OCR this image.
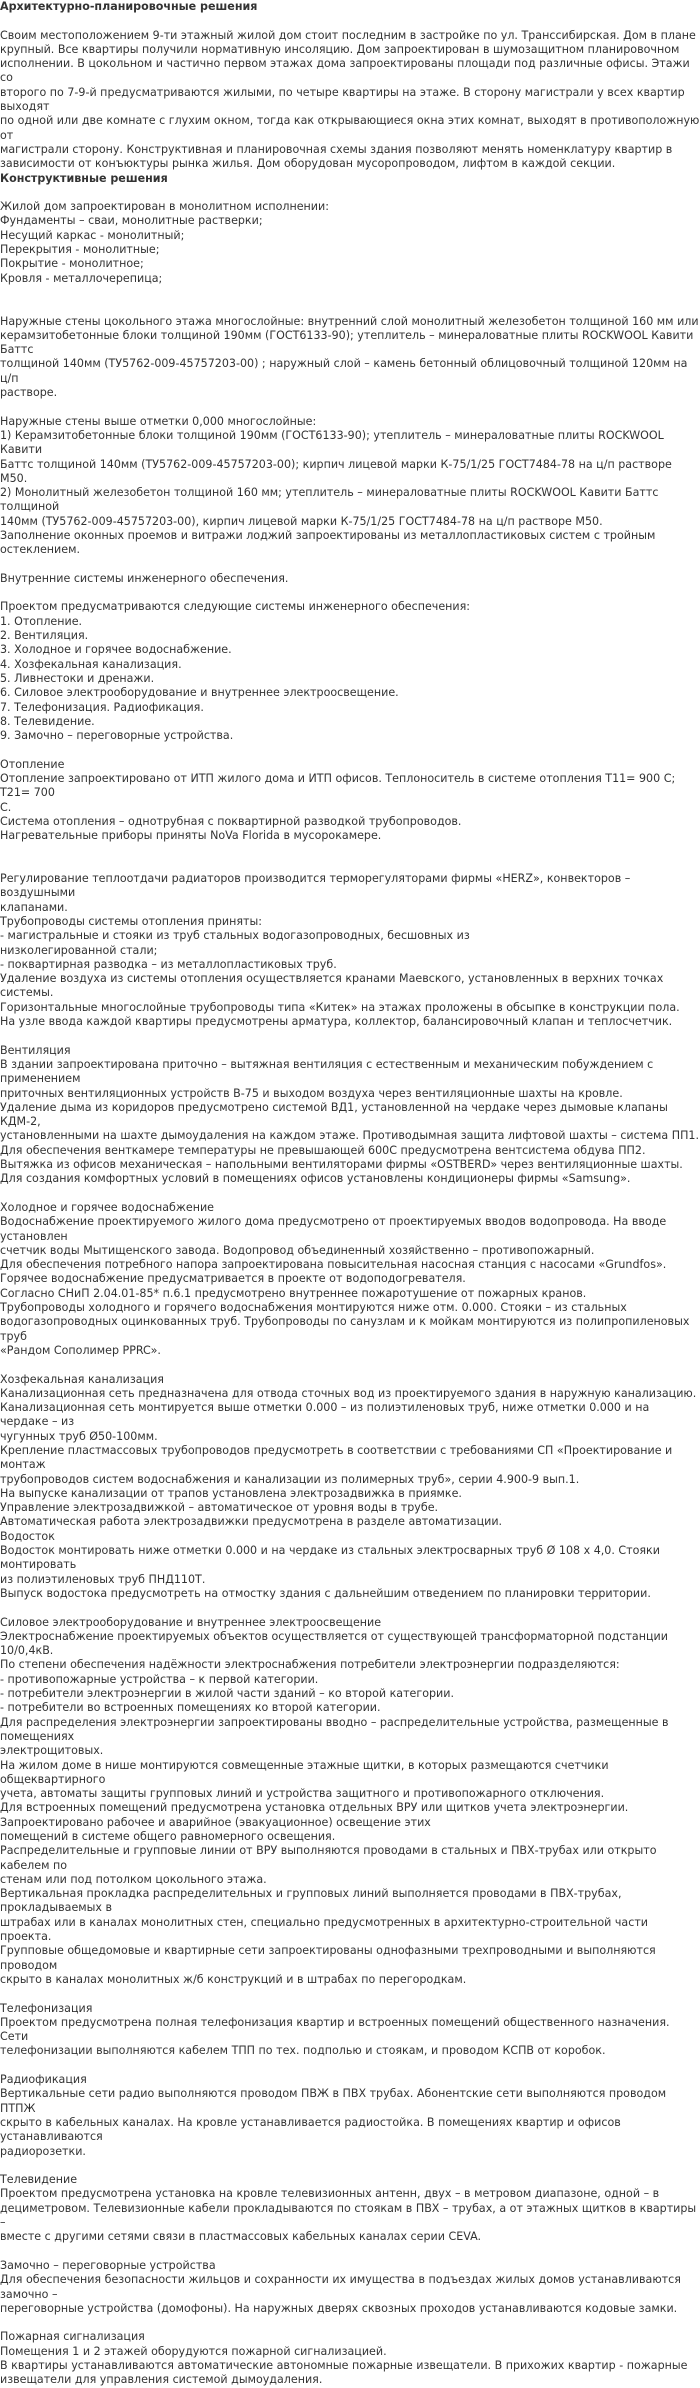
Архитектурно-планировочные решения
Своим местоположением 9-ти этажный жилой дом стоит последним в застройке по ул. Транссибирская. Дом в плане
крупный. Все квартиры получили нормативную инсоляцию. Дом запроектирован в шумозащитном планировочном
исполнении. В цокольном и частично первом этажах дома запроектированы площади под различные офисы. Этажи со
второго по 7-9-й предусматриваются жилыми, по четыре квартиры на этаже. В сторону магистрали у всех квартир выходят
по одной или две комнате с глухим окном, тогда как открывающиеся окна этих комнат, выходят в противоположную от
магистрали сторону. Конструктивная и планировочная схемы здания позволяют менять номенклатуру квартир в
зависимости от конъюктуры рынка жилья. Дом оборудован мусоропроводом, лифтом в каждой секции.
Конструктивные решения
Жилой дом запроектирован в монолитном исполнении:
Фундаменты – сваи, монолитные растверки;
Несущий каркас - монолитный;
Перекрытия - монолитные;
Покрытие - монолитное;
Кровля - металлочерепица;
Наружные стены цокольного этажа многослойные: внутренний слой монолитный железобетон толщиной 160 мм или
керамзитобетонные блоки толщиной 190мм (ГОСТ6133-90); утеплитель – минераловатные плиты ROCKWOOL Кавити Баттс
толщиной 140мм (ТУ5762-009-45757203-00) ; наружный слой – камень бетонный облицовочный толщиной 120мм на ц/п
растворе.
Наружные стены выше отметки 0,000 многослойные:
1) Керамзитобетонные блоки толщиной 190мм (ГОСТ6133-90); утеплитель – минераловатные плиты ROCKWOOL Кавити
Баттс толщиной 140мм (ТУ5762-009-45757203-00); кирпич лицевой марки К-75/1/25 ГОСТ7484-78 на ц/п растворе М50.
2) Монолитный железобетон толщиной 160 мм; утеплитель – минераловатные плиты ROCKWOOL Кавити Баттс толщиной
140мм (ТУ5762-009-45757203-00), кирпич лицевой марки К-75/1/25 ГОСТ7484-78 на ц/п растворе М50.
Заполнение оконных проемов и витражи лоджий запроектированы из металлопластиковых систем с тройным остеклением.
Внутренние системы инженерного обеспечения.
Проектом предусматриваются следующие системы инженерного обеспечения:
1. Отопление.
2. Вентиляция.
3. Холодное и горячее водоснабжение.
4. Хозфекальная канализация.
5. Ливнестоки и дренажи.
6. Силовое электрооборудование и внутреннее электроосвещение.
7. Телефонизация. Радиофикация.
8. Телевидение.
9. Замочно – переговорные устройства.
Отопление
Отопление запроектировано от ИТП жилого дома и ИТП офисов. Теплоноситель в системе отопления Т11= 900 С; Т21= 700
С.
Система отопления – однотрубная с поквартирной разводкой трубопроводов.
Нагревательные приборы приняты NoVa Florida в мусорокамере.
Регулирование теплоотдачи радиаторов производится терморегуляторами фирмы «HERZ», конвекторов – воздушными
клапанами.
Трубопроводы системы отопления приняты:
- магистральные и стояки из труб стальных водогазопроводных, бесшовных из
низколегированной стали;
- поквартирная разводка – из металлопластиковых труб.
Удаление воздуха из системы отопления осуществляется кранами Маевского, установленных в верхних точках системы.
Горизонтальные многослойные трубопроводы типа «Китек» на этажах проложены в обсыпке в конструкции пола.
На узле ввода каждой квартиры предусмотрены арматура, коллектор, балансировочный клапан и теплосчетчик.
Вентиляция
В здании запроектирована приточно – вытяжная вентиляция с естественным и механическим побуждением с применением
приточных вентиляционных устройств В-75 и выходом воздуха через вентиляционные шахты на кровле.
Удаление дыма из коридоров предусмотрено системой ВД1, установленной на чердаке через дымовые клапаны КДМ-2,
установленными на шахте дымоудаления на каждом этаже. Противодымная защита лифтовой шахты – система ПП1.
Для обеспечения венткамере температуры не превышающей 600С предусмотрена вентсистема обдува ПП2.
Вытяжка из офисов механическая – напольными вентиляторами фирмы «OSTBERD» через вентиляционные шахты.
Для создания комфортных условий в помещениях офисов установлены кондиционеры фирмы «Samsung».
Холодное и горячее водоснабжение
Водоснабжение проектируемого жилого дома предусмотрено от проектируемых вводов водопровода. На вводе установлен
счетчик воды Мытищенского завода. Водопровод объединенный хозяйственно – противопожарный.
Для обеспечения потребного напора запроектирована повысительная насосная станция с насосами «Grundfos».
Горячее водоснабжение предусматривается в проекте от водоподогревателя.
Согласно СНиП 2.04.01-85* п.6.1 предусмотрено внутреннее пожаротушение от пожарных кранов.
Трубопроводы холодного и горячего водоснабжения монтируются ниже отм. 0.000. Стояки – из стальных
водогазопроводных оцинкованных труб. Трубопроводы по санузлам и к мойкам монтируются из полипропиленовых труб
«Рандом Сополимер PPRC».
Хозфекальная канализация
Канализационная сеть предназначена для отвода сточных вод из проектируемого здания в наружную канализацию.
Канализационная сеть монтируется выше отметки 0.000 – из полиэтиленовых труб, ниже отметки 0.000 и на чердаке – из
чугунных труб Ø50-100мм.
Крепление пластмассовых трубопроводов предусмотреть в соответствии с требованиями СП «Проектирование и монтаж
трубопроводов систем водоснабжения и канализации из полимерных труб», серии 4.900-9 вып.1.
На выпуске канализации от трапов установлена электрозадвижка в приямке.
Управление электрозадвижкой – автоматическое от уровня воды в трубе.
Автоматическая работа электрозадвижки предусмотрена в разделе автоматизации.
Водосток
Водосток монтировать ниже отметки 0.000 и на чердаке из стальных электросварных труб Ø 108 х 4,0. Стояки монтировать
из полиэтиленовых труб ПНД110Т.
Выпуск водостока предусмотреть на отмостку здания с дальнейшим отведением по планировки территории.
Силовое электрооборудование и внутреннее электроосвещение
Электроснабжение проектируемых объектов осуществляется от существующей трансформаторной подстанции 10/0,4кВ.
По степени обеспечения надёжности электроснабжения потребители электроэнергии подразделяются:
- противопожарные устройства – к первой категории.
- потребители электроэнергии в жилой части зданий – ко второй категории.
- потребители во встроенных помещениях ко второй категории.
Для распределения электроэнергии запроектированы вводно – распределительные устройства, размещенные в помещениях
электрощитовых.
На жилом доме в нише монтируются совмещенные этажные щитки, в которых размещаются счетчики общеквартирного
учета, автоматы защиты групповых линий и устройства защитного и противопожарного отключения.
Для встроенных помещений предусмотрена установка отдельных ВРУ или щитков учета электроэнергии.
Запроектировано рабочее и аварийное (эвакуационное) освещение этих
помещений в системе общего равномерного освещения.
Распределительные и групповые линии от ВРУ выполняются проводами в стальных и ПВХ-трубах или открыто кабелем по
стенам или под потолком цокольного этажа.
Вертикальная прокладка распределительных и групповых линий выполняется проводами в ПВХ-трубах, прокладываемых в
штрабах или в каналах монолитных стен, специально предусмотренных в архитектурно-строительной части проекта.
Групповые общедомовые и квартирные сети запроектированы однофазными трехпроводными и выполняются проводом
скрыто в каналах монолитных ж/б конструкций и в штрабах по перегородкам.
Телефонизация
Проектом предусмотрена полная телефонизация квартир и встроенных помещений общественного назначения. Сети
телефонизации выполняются кабелем ТПП по тех. подполью и стоякам, и проводом КСПВ от коробок.
Радиофикация
Вертикальные сети радио выполняются проводом ПВЖ в ПВХ трубах. Абонентские сети выполняются проводом ПТПЖ
скрыто в кабельных каналах. На кровле устанавливается радиостойка. В помещениях квартир и офисов устанавливаются
радиорозетки.
Телевидение
Проектом предусмотрена установка на кровле телевизионных антенн, двух – в метровом диапазоне, одной – в
дециметровом. Телевизионные кабели прокладываются по стоякам в ПВХ – трубах, а от этажных щитков в квартиры –
вместе с другими сетями связи в пластмассовых кабельных каналах серии CEVA.
Замочно – переговорные устройства
Для обеспечения безопасности жильцов и сохранности их имущества в подъездах жилых домов устанавливаются замочно –
переговорные устройства (домофоны). На наружных дверях сквозных проходов устанавливаются кодовые замки.
Пожарная сигнализация
Помещения 1 и 2 этажей оборудуются пожарной сигнализацией.
В квартиры устанавливаются автоматические автономные пожарные извещатели. В прихожих квартир - пожарные
извещатели для управления системой дымоудаления.
